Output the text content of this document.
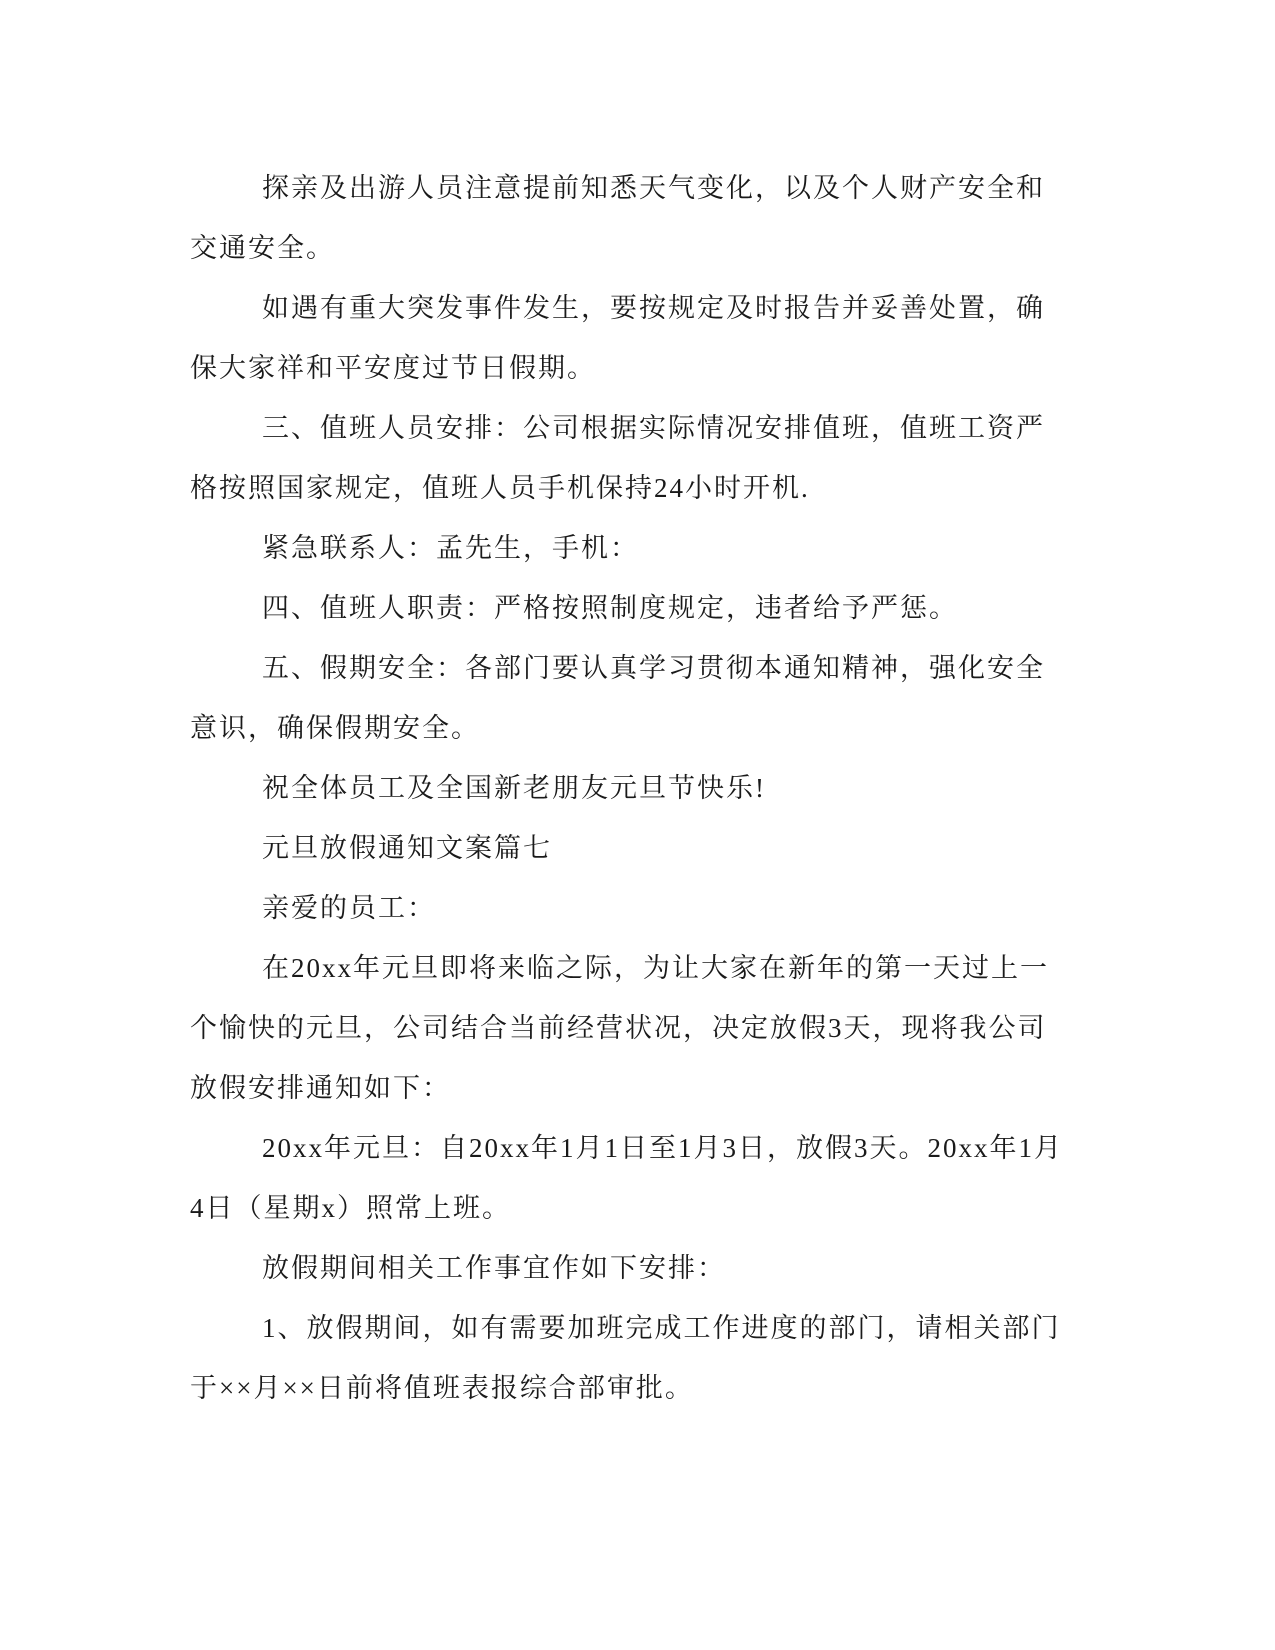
探亲及出游人员注意提前知悉天气变化，以及个人财产安全和交通安全。

如遇有重大突发事件发生，要按规定及时报告并妥善处置，确保大家祥和平安度过节日假期。

三、值班人员安排：公司根据实际情况安排值班，值班工资严格按照国家规定，值班人员手机保持24小时开机.

紧急联系人：孟先生，手机：

四、值班人职责：严格按照制度规定，违者给予严惩。

五、假期安全：各部门要认真学习贯彻本通知精神，强化安全意识，确保假期安全。

祝全体员工及全国新老朋友元旦节快乐!

元旦放假通知文案篇七

亲爱的员工：

在20xx年元旦即将来临之际，为让大家在新年的第一天过上一个愉快的元旦，公司结合当前经营状况，决定放假3天，现将我公司放假安排通知如下：

20xx年元旦：自20xx年1月1日至1月3日，放假3天。20xx年1月4日（星期x）照常上班。

放假期间相关工作事宜作如下安排：

1、放假期间，如有需要加班完成工作进度的部门，请相关部门于××月××日前将值班表报综合部审批。
